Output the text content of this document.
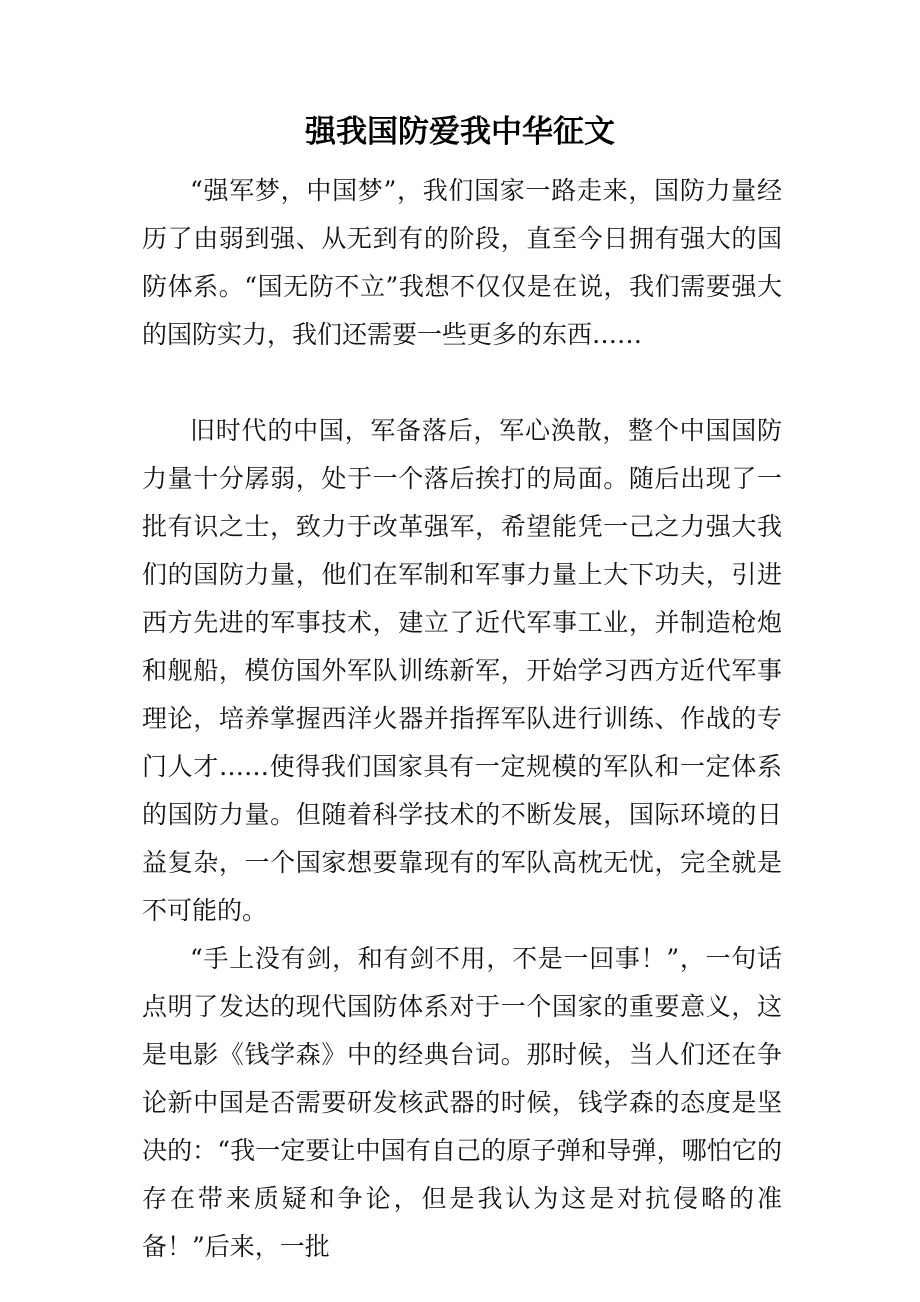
强我国防爱我中华征文

“强军梦，中国梦”，我们国家一路走来，国防力量经历了由弱到强、从无到有的阶段，直至今日拥有强大的国防体系。“国无防不立”我想不仅仅是在说，我们需要强大的国防实力，我们还需要一些更多的东西……

旧时代的中国，军备落后，军心涣散，整个中国国防力量十分孱弱，处于一个落后挨打的局面。随后出现了一批有识之士，致力于改革强军，希望能凭一己之力强大我们的国防力量，他们在军制和军事力量上大下功夫，引进西方先进的军事技术，建立了近代军事工业，并制造枪炮和舰船，模仿国外军队训练新军，开始学习西方近代军事理论，培养掌握西洋火器并指挥军队进行训练、作战的专门人才……使得我们国家具有一定规模的军队和一定体系的国防力量。但随着科学技术的不断发展，国际环境的日益复杂，一个国家想要靠现有的军队高枕无忧，完全就是不可能的。

“手上没有剑，和有剑不用，不是一回事！”，一句话点明了发达的现代国防体系对于一个国家的重要意义，这是电影《钱学森》中的经典台词。那时候，当人们还在争论新中国是否需要研发核武器的时候，钱学森的态度是坚决的：“我一定要让中国有自己的原子弹和导弹，哪怕它的存在带来质疑和争论，但是我认为这是对抗侵略的准备！”后来，一批
